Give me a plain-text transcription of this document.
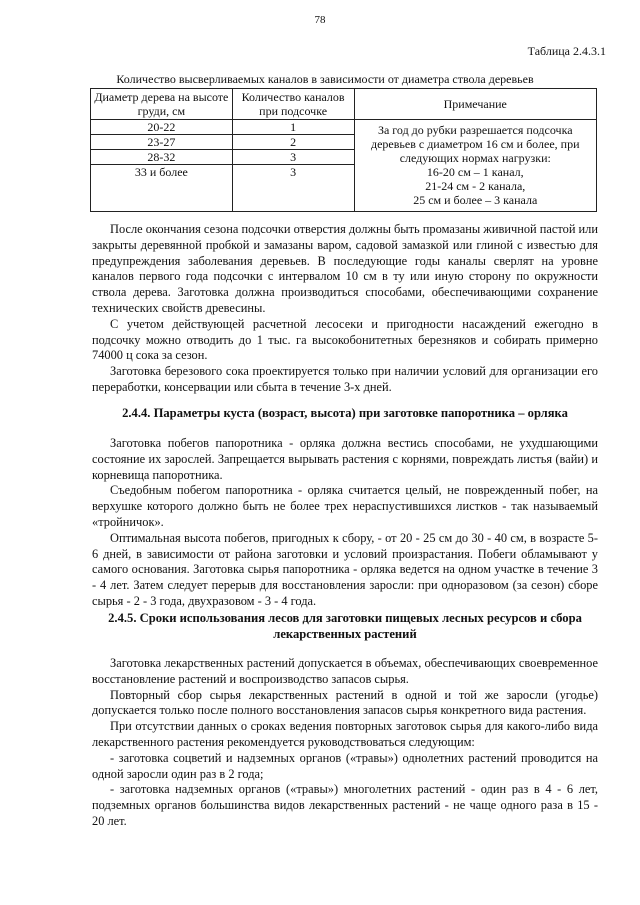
78
Таблица 2.4.3.1
Количество высверливаемых каналов в зависимости от диаметра ствола деревьев
Диаметр дерева на высоте груди, см	Количество каналов при подсочке	Примечание
20-22	1	За год до рубки разрешается подсочка деревьев с диаметром 16 см и более, при следующих нормах нагрузки:
16-20 см – 1 канал,
21-24 см - 2 канала,
25 см и более – 3 канала

23-27	2	
28-32	3	
33 и более	3	

После окончания сезона подсочки отверстия должны быть промазаны живичной пастой или закрыты деревянной пробкой и замазаны варом, садовой замазкой или глиной с известью для предупреждения заболевания деревьев. В последующие годы каналы сверлят на уровне каналов первого года подсочки с интервалом 10 см в ту или иную сторону по окружности ствола дерева. Заготовка должна производиться способами, обеспечивающими сохранение технических свойств древесины.

С учетом действующей расчетной лесосеки и пригодности насаждений ежегодно в подсочку можно отводить до 1 тыс. га высокобонитетных березняков и собирать примерно 74000 ц сока за сезон.

Заготовка березового сока проектируется только при наличии условий для организации его переработки, консервации или сбыта в течение 3-х дней.

2.4.4. Параметры куста (возраст, высота) при заготовке папоротника – орляка

Заготовка побегов папоротника - орляка должна вестись способами, не ухудшающими состояние их зарослей. Запрещается вырывать растения с корнями, повреждать листья (вайи) и корневища папоротника.

Съедобным побегом папоротника - орляка считается целый, не поврежденный побег, на верхушке которого должно быть не более трех нераспустившихся листков - так называемый «тройничок».

Оптимальная высота побегов, пригодных к сбору, - от 20 - 25 см до 30 - 40 см, в возрасте 5-6 дней, в зависимости от района заготовки и условий произрастания. Побеги обламывают у самого основания. Заготовка сырья папоротника - орляка ведется на одном участке в течение 3 - 4 лет. Затем следует перерыв для восстановления заросли: при одноразовом (за сезон) сборе сырья - 2 - 3 года, двухразовом - 3 - 4 года.

2.4.5. Сроки использования лесов для заготовки пищевых лесных ресурсов и сбора лекарственных растений

Заготовка лекарственных растений допускается в объемах, обеспечивающих своевременное восстановление растений и воспроизводство запасов сырья.

Повторный сбор сырья лекарственных растений в одной и той же заросли (угодье) допускается только после полного восстановления запасов сырья конкретного вида растения.

При отсутствии данных о сроках ведения повторных заготовок сырья для какого-либо вида лекарственного растения рекомендуется руководствоваться следующим:

- заготовка соцветий и надземных органов («травы») однолетних растений проводится на одной заросли один раз в 2 года;

- заготовка надземных органов («травы») многолетних растений - один раз в 4 - 6 лет, подземных органов большинства видов лекарственных растений - не чаще одного раза в 15 - 20 лет.
